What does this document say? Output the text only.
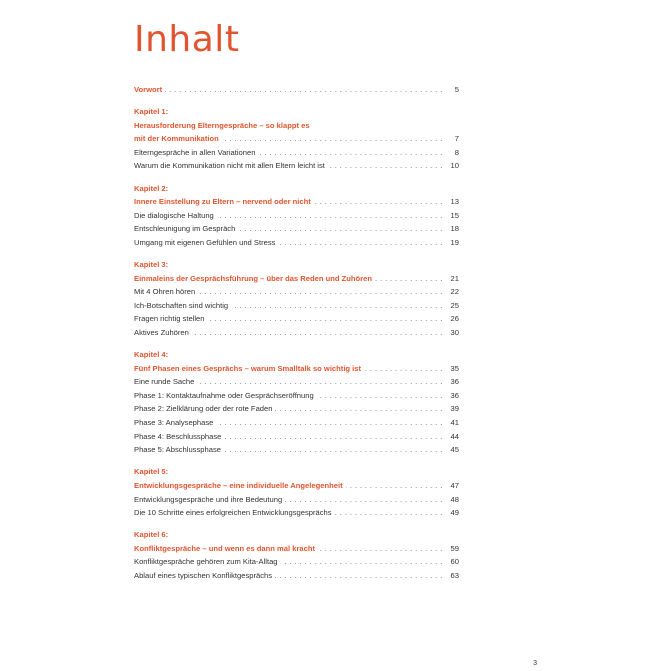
Inhalt
Vorwort	5
. . .
Kapitel 1:
Herausforderung Elterngespräche – so klappt es
mit der Kommunikation	7
. . .
Elterngespräche in allen Variationen	8
. . .
Warum die Kommunikation nicht mit allen Eltern leicht ist	10
. . .
Kapitel 2:
Innere Einstellung zu Eltern – nervend oder nicht	13
. . .
Die dialogische Haltung	15
. . .
Entschleunigung im Gespräch	18
. . .
Umgang mit eigenen Gefühlen und Stress	19
. . .
Kapitel 3:
Einmaleins der Gesprächsführung – über das Reden und Zuhören	21
. . .
Mit 4 Ohren hören	22
. . .
Ich-Botschaften sind wichtig	25
. . .
Fragen richtig stellen	26
. . .
Aktives Zuhören	30
. . .
Kapitel 4:
Fünf Phasen eines Gesprächs – warum Smalltalk so wichtig ist	35
. . .
Eine runde Sache	36
. . .
Phase 1: Kontaktaufnahme oder Gesprächseröffnung	36
. . .
Phase 2: Zielklärung oder der rote Faden	39
. . .
Phase 3: Analysephase	41
. . .
Phase 4: Beschlussphase	44
. . .
Phase 5: Abschlussphase	45
. . .
Kapitel 5:
Entwicklungsgespräche – eine individuelle Angelegenheit	47
. . .
Entwicklungsgespräche und ihre Bedeutung	48
. . .
Die 10 Schritte eines erfolgreichen Entwicklungsgesprächs	49
. . .
Kapitel 6:
Konfliktgespräche – und wenn es dann mal kracht	59
. . .
Konfliktgespräche gehören zum Kita-Alltag	60
. . .
Ablauf eines typischen Konfliktgesprächs	63
. . .
3
